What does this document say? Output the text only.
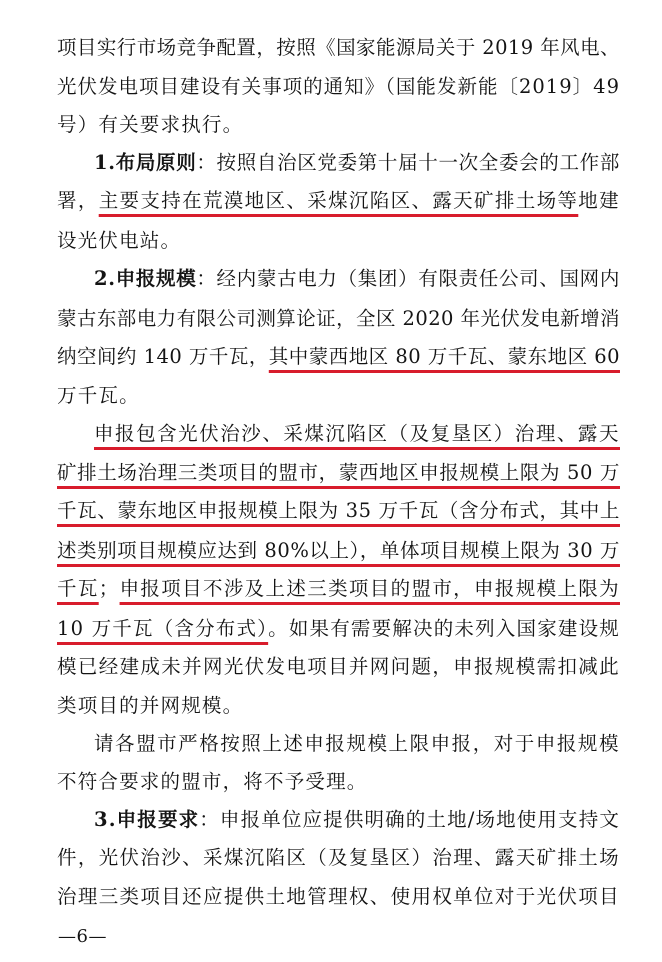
项目实行市场竞争配置，按照《国家能源局关于 2019 年风电、
光伏发电项目建设有关事项的通知》（国能发新能〔2019〕49
号）有关要求执行。
1.布局原则：按照自治区党委第十届十一次全委会的工作部
署，主要支持在荒漠地区、采煤沉陷区、露天矿排土场等地建
设光伏电站。
2.申报规模：经内蒙古电力（集团）有限责任公司、国网内
蒙古东部电力有限公司测算论证，全区 2020 年光伏发电新增消
纳空间约 140 万千瓦，其中蒙西地区 80 万千瓦、蒙东地区 60
万千瓦。
申报包含光伏治沙、采煤沉陷区（及复垦区）治理、露天
矿排土场治理三类项目的盟市，蒙西地区申报规模上限为 50 万
千瓦、蒙东地区申报规模上限为 35 万千瓦（含分布式，其中上
述类别项目规模应达到 80%以上），单体项目规模上限为 30 万
千瓦；申报项目不涉及上述三类项目的盟市，申报规模上限为
10 万千瓦（含分布式）。如果有需要解决的未列入国家建设规
模已经建成未并网光伏发电项目并网问题，申报规模需扣减此
类项目的并网规模。
请各盟市严格按照上述申报规模上限申报，对于申报规模
不符合要求的盟市，将不予受理。
3.申报要求：申报单位应提供明确的土地/场地使用支持文
件，光伏治沙、采煤沉陷区（及复垦区）治理、露天矿排土场
治理三类项目还应提供土地管理权、使用权单位对于光伏项目
—6—
